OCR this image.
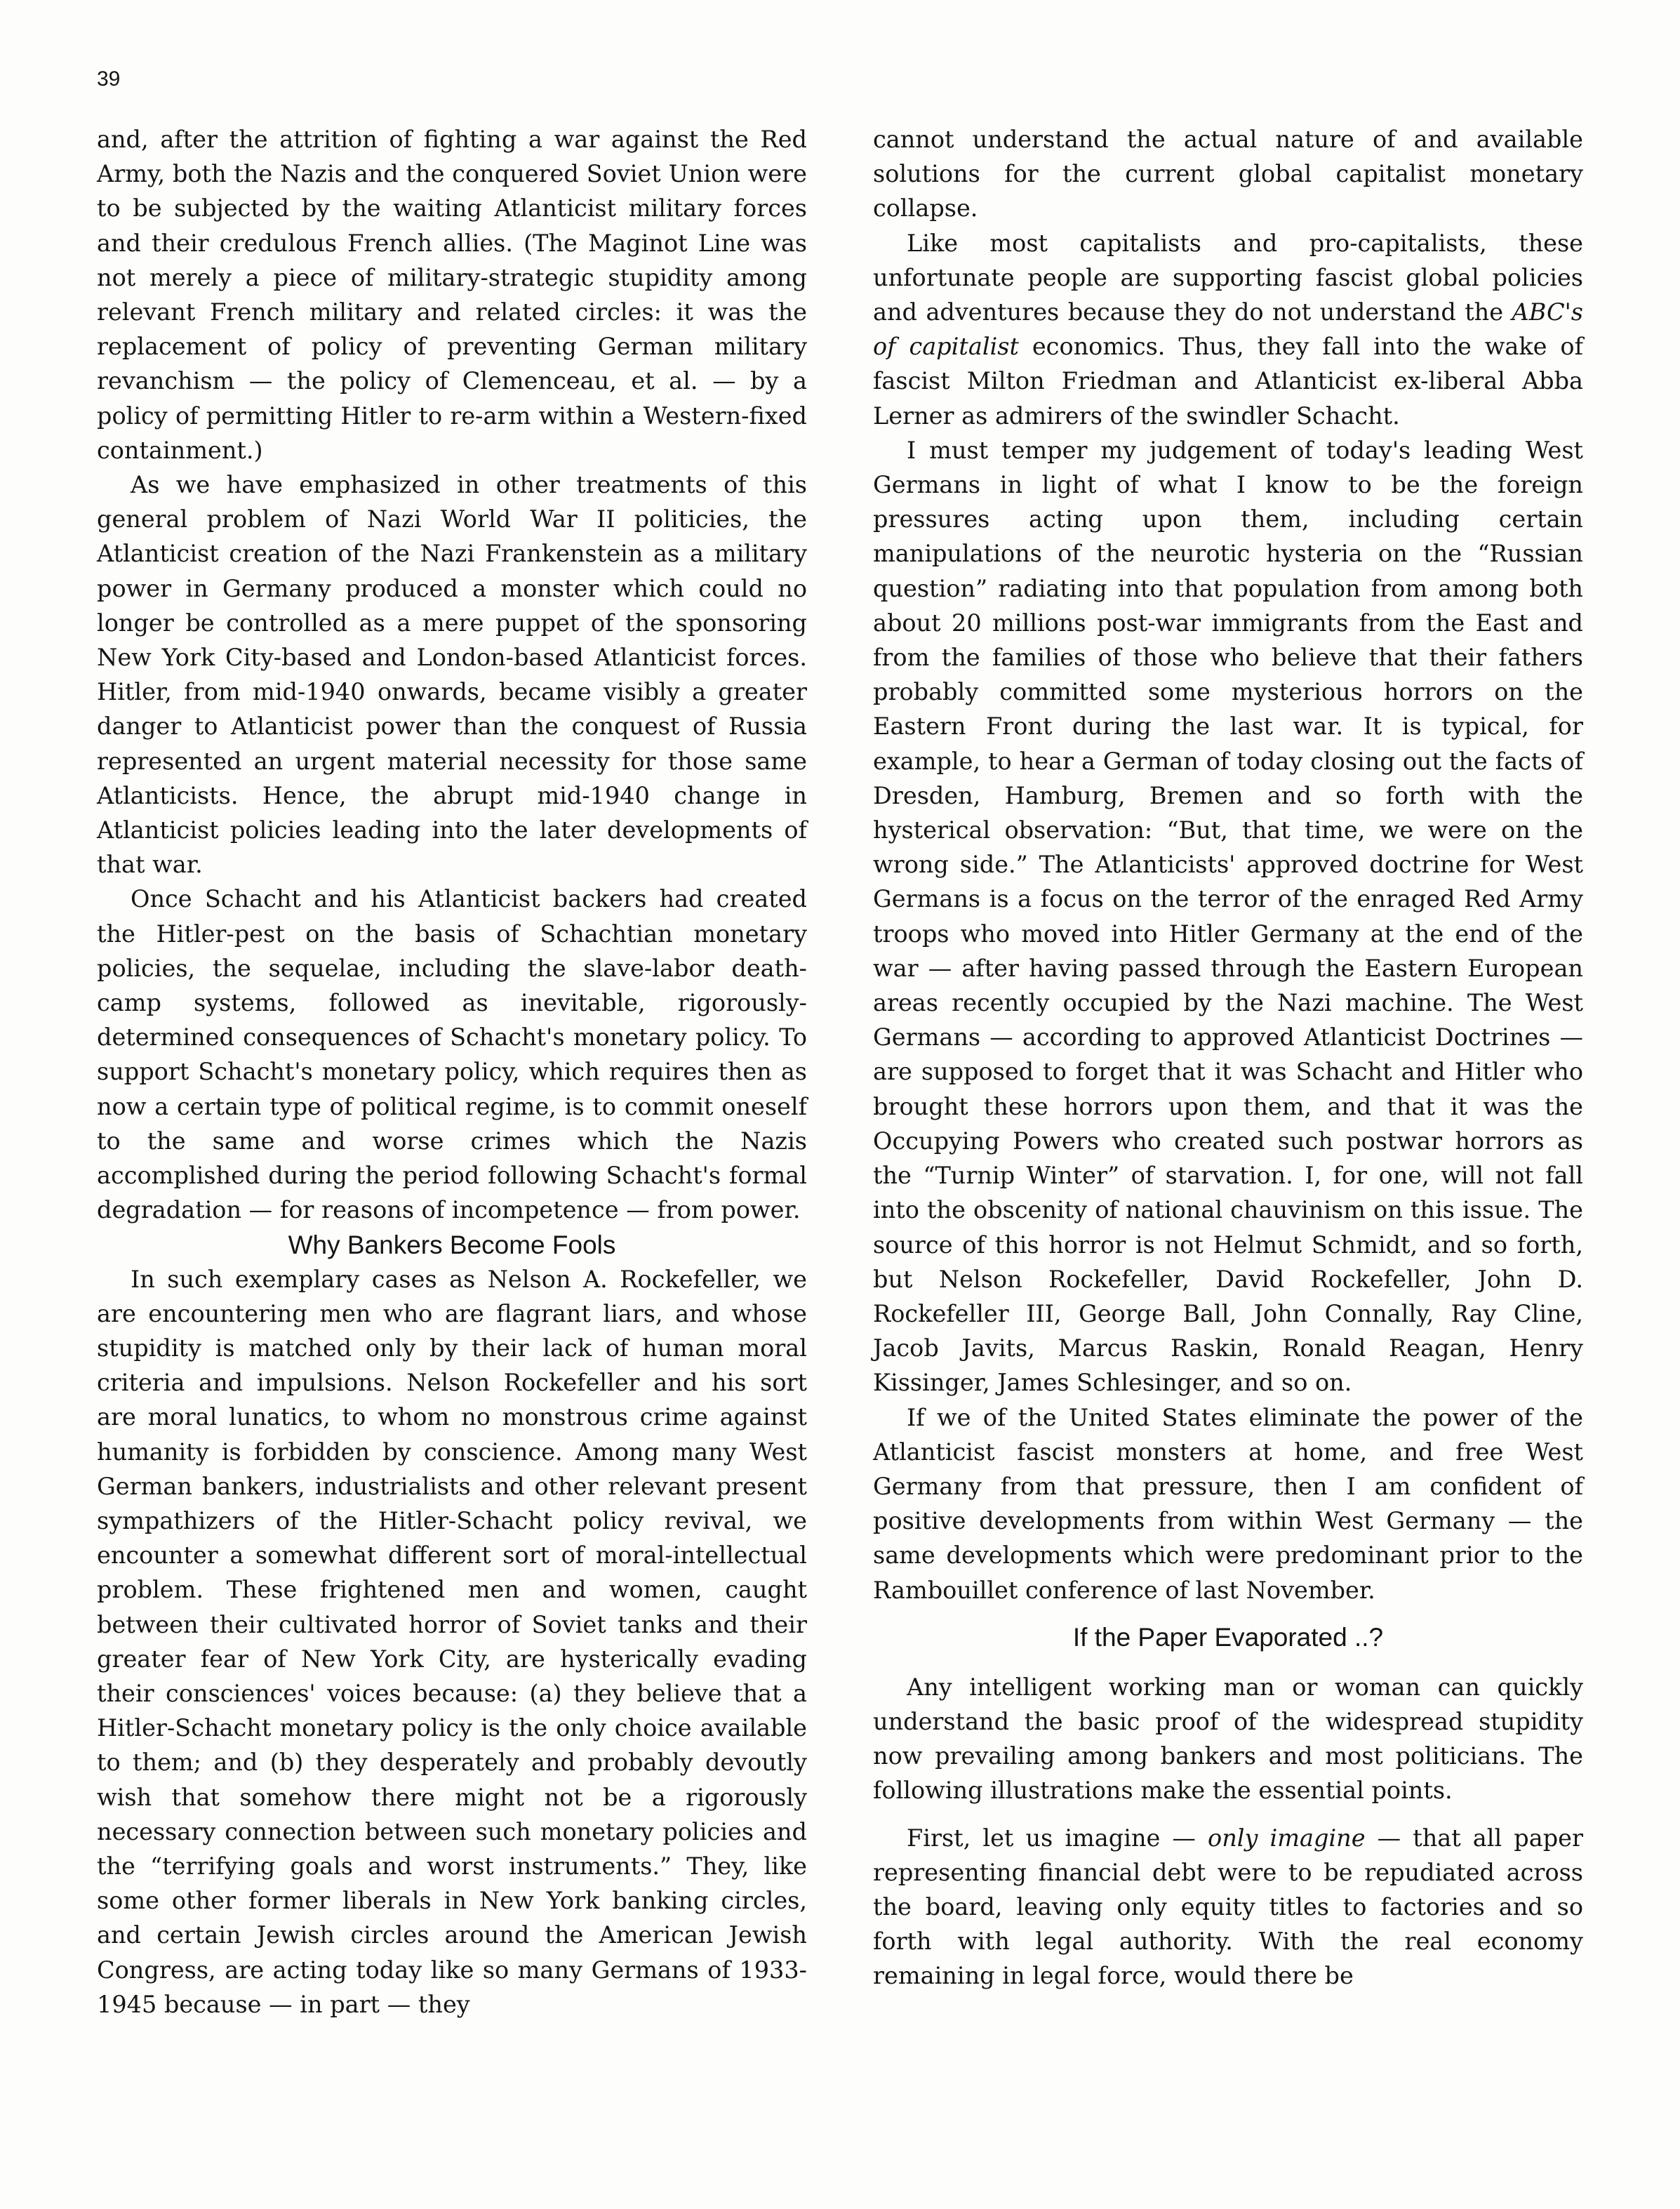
39

and, after the attrition of fighting a war against the Red Army, both the Nazis and the conquered Soviet Union were to be subjected by the waiting Atlanticist military forces and their credulous French allies. (The Maginot Line was not merely a piece of military-strategic stupidity among relevant French military and related circles: it was the replacement of policy of preventing German military revanchism — the policy of Clemenceau, et al. — by a policy of permitting Hitler to re-arm within a Western-fixed containment.)

As we have emphasized in other treatments of this general problem of Nazi World War II politicies, the Atlanticist creation of the Nazi Frankenstein as a military power in Germany produced a monster which could no longer be controlled as a mere puppet of the sponsoring New York City-based and London-based Atlanticist forces. Hitler, from mid-1940 onwards, became visibly a greater danger to Atlanticist power than the conquest of Russia represented an urgent material necessity for those same Atlanticists. Hence, the abrupt mid-1940 change in Atlanticist policies leading into the later developments of that war.

Once Schacht and his Atlanticist backers had created the Hitler-pest on the basis of Schachtian monetary policies, the sequelae, including the slave-labor death-camp systems, followed as inevitable, rigorously-determined consequences of Schacht's monetary policy. To support Schacht's monetary policy, which requires then as now a certain type of political regime, is to commit oneself to the same and worse crimes which the Nazis accomplished during the period following Schacht's formal degradation — for reasons of incompetence — from power.

Why Bankers Become Fools

In such exemplary cases as Nelson A. Rockefeller, we are encountering men who are flagrant liars, and whose stupidity is matched only by their lack of human moral criteria and impulsions. Nelson Rockefeller and his sort are moral lunatics, to whom no monstrous crime against humanity is forbidden by conscience. Among many West German bankers, industrialists and other relevant present sympathizers of the Hitler-Schacht policy revival, we encounter a somewhat different sort of moral-intellectual problem. These frightened men and women, caught between their cultivated horror of Soviet tanks and their greater fear of New York City, are hysterically evading their consciences' voices because: (a) they believe that a Hitler-Schacht monetary policy is the only choice available to them; and (b) they desperately and probably devoutly wish that somehow there might not be a rigorously necessary connection between such monetary policies and the “terrifying goals and worst instruments.” They, like some other former liberals in New York banking circles, and certain Jewish circles around the American Jewish Congress, are acting today like so many Germans of 1933-1945 because — in part — they

cannot understand the actual nature of and available solutions for the current global capitalist monetary collapse.

Like most capitalists and pro-capitalists, these unfortunate people are supporting fascist global policies and adventures because they do not understand the ABC's of capitalist economics. Thus, they fall into the wake of fascist Milton Friedman and Atlanticist ex-liberal Abba Lerner as admirers of the swindler Schacht.

I must temper my judgement of today's leading West Germans in light of what I know to be the foreign pressures acting upon them, including certain manipulations of the neurotic hysteria on the “Russian question” radiating into that population from among both about 20 millions post-war immigrants from the East and from the families of those who believe that their fathers probably committed some mysterious horrors on the Eastern Front during the last war. It is typical, for example, to hear a German of today closing out the facts of Dresden, Hamburg, Bremen and so forth with the hysterical observation: “But, that time, we were on the wrong side.” The Atlanticists' approved doctrine for West Germans is a focus on the terror of the enraged Red Army troops who moved into Hitler Germany at the end of the war — after having passed through the Eastern European areas recently occupied by the Nazi machine. The West Germans — according to approved Atlanticist Doctrines — are supposed to forget that it was Schacht and Hitler who brought these horrors upon them, and that it was the Occupying Powers who created such postwar horrors as the “Turnip Winter” of starvation. I, for one, will not fall into the obscenity of national chauvinism on this issue. The source of this horror is not Helmut Schmidt, and so forth, but Nelson Rockefeller, David Rockefeller, John D. Rockefeller III, George Ball, John Connally, Ray Cline, Jacob Javits, Marcus Raskin, Ronald Reagan, Henry Kissinger, James Schlesinger, and so on.

If we of the United States eliminate the power of the Atlanticist fascist monsters at home, and free West Germany from that pressure, then I am confident of positive developments from within West Germany — the same developments which were predominant prior to the Rambouillet conference of last November.

If the Paper Evaporated ..?

Any intelligent working man or woman can quickly understand the basic proof of the widespread stupidity now prevailing among bankers and most politicians. The following illustrations make the essential points.

First, let us imagine — only imagine — that all paper representing financial debt were to be repudiated across the board, leaving only equity titles to factories and so forth with legal authority. With the real economy remaining in legal force, would there be
